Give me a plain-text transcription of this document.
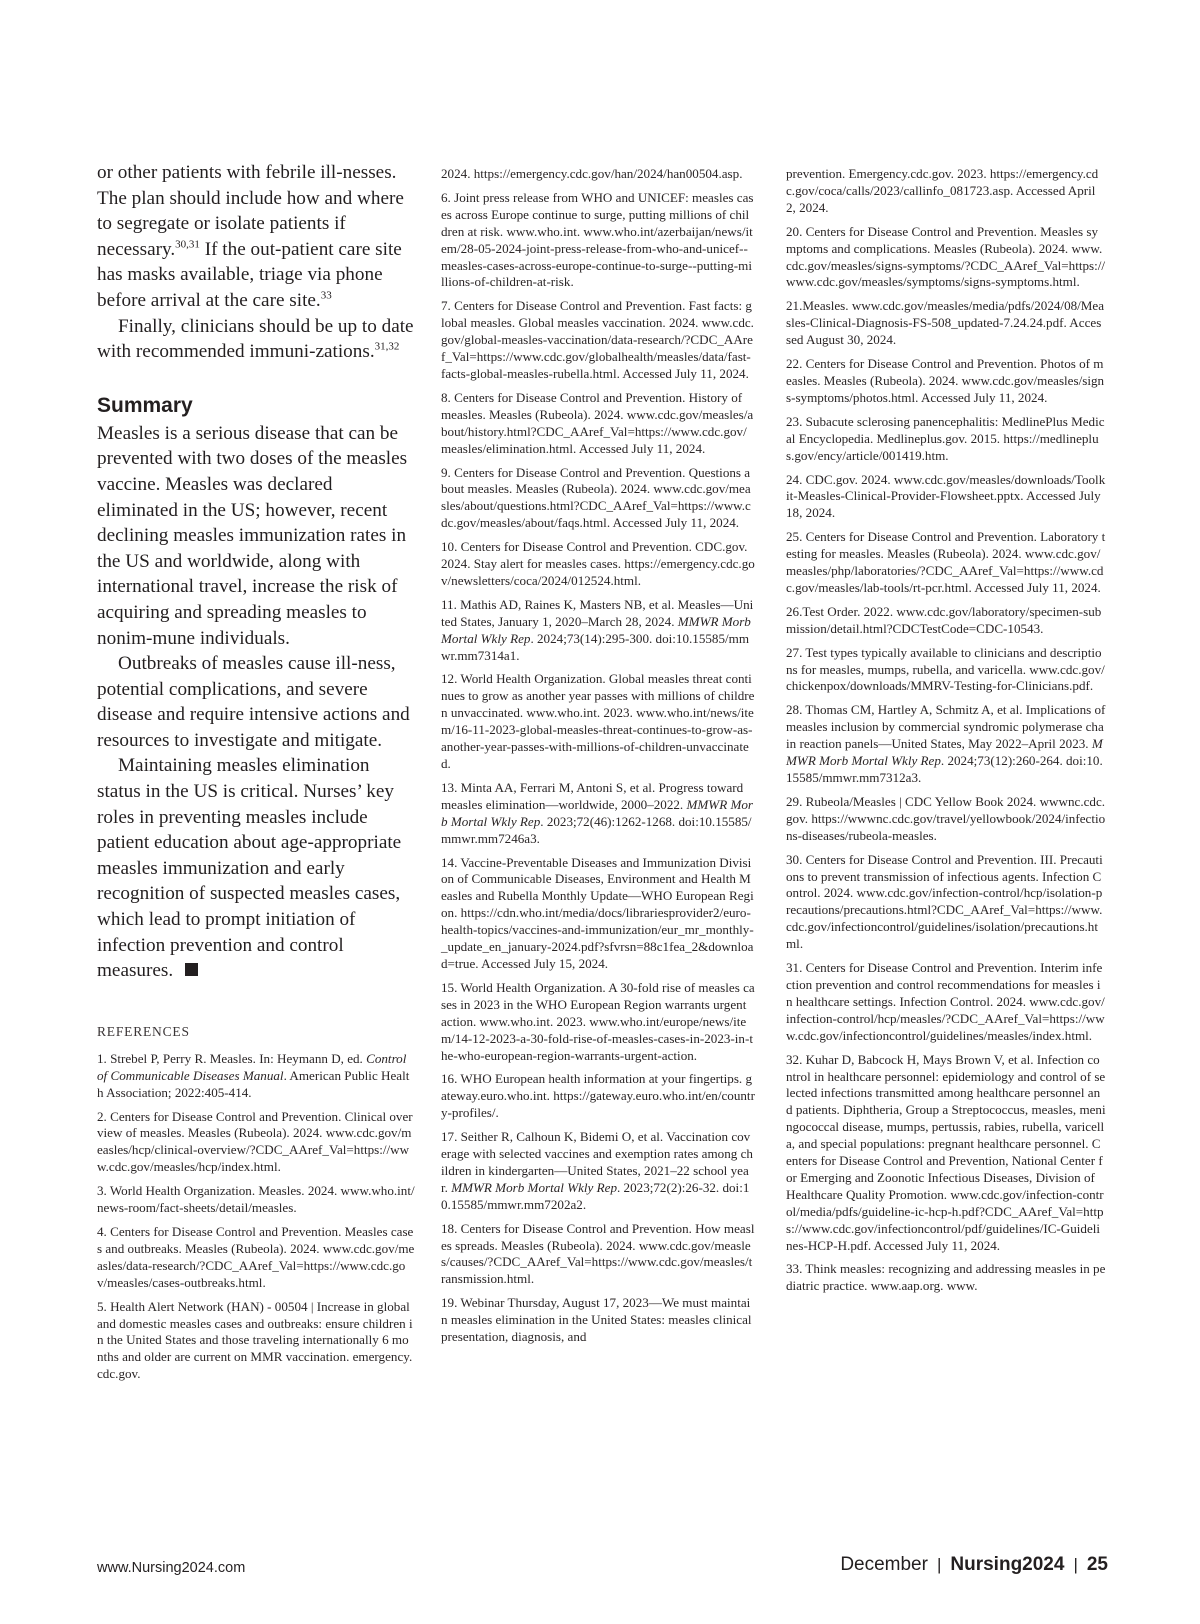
or other patients with febrile ill-nesses. The plan should include how and where to segregate or isolate patients if necessary.$^{30,31}$ If the out-patient care site has masks available, triage via phone before arrival at the care site.$^{33}$

Finally, clinicians should be up to date with recommended immuni-zations.$^{31,32}$

Summary

Measles is a serious disease that can be prevented with two doses of the measles vaccine. Measles was declared eliminated in the US; however, recent declining measles immunization rates in the US and worldwide, along with international travel, increase the risk of acquiring and spreading measles to nonim-mune individuals.

Outbreaks of measles cause ill-ness, potential complications, and severe disease and require intensive actions and resources to investigate and mitigate.

Maintaining measles elimination status in the US is critical. Nurses’ key roles in preventing measles include patient education about age-appropriate measles immunization and early recognition of suspected measles cases, which lead to prompt initiation of infection prevention and control measures.

REFERENCES

1. Strebel P, Perry R. Measles. In: Heymann D, ed. Control of Communicable Diseases Manual. American Public Health Association; 2022:405-414.

2. Centers for Disease Control and Prevention. Clinical overview of measles. Measles (Rubeola). 2024. www.cdc.gov/measles/hcp/clinical-overview/?CDC_AAref_Val=https://www.cdc.gov/measles/hcp/index.html.

3. World Health Organization. Measles. 2024. www.who.int/news-room/fact-sheets/detail/measles.

4. Centers for Disease Control and Prevention. Measles cases and outbreaks. Measles (Rubeola). 2024. www.cdc.gov/measles/data-research/?CDC_AAref_Val=https://www.cdc.gov/measles/cases-outbreaks.html.

5. Health Alert Network (HAN) - 00504 | Increase in global and domestic measles cases and outbreaks: ensure children in the United States and those traveling internationally 6 months and older are current on MMR vaccination. emergency.cdc.gov.

2024. https://emergency.cdc.gov/han/2024/han00504.asp.

6. Joint press release from WHO and UNICEF: measles cases across Europe continue to surge, putting millions of children at risk. www.who.int. www.who.int/azerbaijan/news/item/28-05-2024-joint-press-release-from-who-and-unicef--measles-cases-across-europe-continue-to-surge--putting-millions-of-children-at-risk.

7. Centers for Disease Control and Prevention. Fast facts: global measles. Global measles vaccination. 2024. www.cdc.gov/global-measles-vaccination/data-research/?CDC_AAref_Val=https://www.cdc.gov/globalhealth/measles/data/fast-facts-global-measles-rubella.html. Accessed July 11, 2024.

8. Centers for Disease Control and Prevention. History of measles. Measles (Rubeola). 2024. www.cdc.gov/measles/about/history.html?CDC_AAref_Val=https://www.cdc.gov/measles/elimination.html. Accessed July 11, 2024.

9. Centers for Disease Control and Prevention. Questions about measles. Measles (Rubeola). 2024. www.cdc.gov/measles/about/questions.html?CDC_AAref_Val=https://www.cdc.gov/measles/about/faqs.html. Accessed July 11, 2024.

10. Centers for Disease Control and Prevention. CDC.gov. 2024. Stay alert for measles cases. https://emergency.cdc.gov/newsletters/coca/2024/012524.html.

11. Mathis AD, Raines K, Masters NB, et al. Measles—United States, January 1, 2020–March 28, 2024. MMWR Morb Mortal Wkly Rep. 2024;73(14):295-300. doi:10.15585/mmwr.mm7314a1.

12. World Health Organization. Global measles threat continues to grow as another year passes with millions of children unvaccinated. www.who.int. 2023. www.who.int/news/item/16-11-2023-global-measles-threat-continues-to-grow-as-another-year-passes-with-millions-of-children-unvaccinated.

13. Minta AA, Ferrari M, Antoni S, et al. Progress toward measles elimination—worldwide, 2000–2022. MMWR Morb Mortal Wkly Rep. 2023;72(46):1262-1268. doi:10.15585/mmwr.mm7246a3.

14. Vaccine-Preventable Diseases and Immunization Division of Communicable Diseases, Environment and Health Measles and Rubella Monthly Update—WHO European Region. https://cdn.who.int/media/docs/librariesprovider2/euro-health-topics/vaccines-and-immunization/eur_mr_monthly-_update_en_january-2024.pdf?sfvrsn=88c1fea_2&download=true. Accessed July 15, 2024.

15. World Health Organization. A 30-fold rise of measles cases in 2023 in the WHO European Region warrants urgent action. www.who.int. 2023. www.who.int/europe/news/item/14-12-2023-a-30-fold-rise-of-measles-cases-in-2023-in-the-who-european-region-warrants-urgent-action.

16. WHO European health information at your fingertips. gateway.euro.who.int. https://gateway.euro.who.int/en/country-profiles/.

17. Seither R, Calhoun K, Bidemi O, et al. Vaccination coverage with selected vaccines and exemption rates among children in kindergarten—United States, 2021–22 school year. MMWR Morb Mortal Wkly Rep. 2023;72(2):26-32. doi:10.15585/mmwr.mm7202a2.

18. Centers for Disease Control and Prevention. How measles spreads. Measles (Rubeola). 2024. www.cdc.gov/measles/causes/?CDC_AAref_Val=https://www.cdc.gov/measles/transmission.html.

19. Webinar Thursday, August 17, 2023—We must maintain measles elimination in the United States: measles clinical presentation, diagnosis, and

prevention. Emergency.cdc.gov. 2023. https://emergency.cdc.gov/coca/calls/2023/callinfo_081723.asp. Accessed April 2, 2024.

20. Centers for Disease Control and Prevention. Measles symptoms and complications. Measles (Rubeola). 2024. www.cdc.gov/measles/signs-symptoms/?CDC_AAref_Val=https://www.cdc.gov/measles/symptoms/signs-symptoms.html.

21.Measles. www.cdc.gov/measles/media/pdfs/2024/08/Measles-Clinical-Diagnosis-FS-508_updated-7.24.24.pdf. Accessed August 30, 2024.

22. Centers for Disease Control and Prevention. Photos of measles. Measles (Rubeola). 2024. www.cdc.gov/measles/signs-symptoms/photos.html. Accessed July 11, 2024.

23. Subacute sclerosing panencephalitis: MedlinePlus Medical Encyclopedia. Medlineplus.gov. 2015. https://medlineplus.gov/ency/article/001419.htm.

24. CDC.gov. 2024. www.cdc.gov/measles/downloads/Toolkit-Measles-Clinical-Provider-Flowsheet.pptx. Accessed July 18, 2024.

25. Centers for Disease Control and Prevention. Laboratory testing for measles. Measles (Rubeola). 2024. www.cdc.gov/measles/php/laboratories/?CDC_AAref_Val=https://www.cdc.gov/measles/lab-tools/rt-pcr.html. Accessed July 11, 2024.

26.Test Order. 2022. www.cdc.gov/laboratory/specimen-submission/detail.html?CDCTestCode=CDC-10543.

27. Test types typically available to clinicians and descriptions for measles, mumps, rubella, and varicella. www.cdc.gov/chickenpox/downloads/MMRV-Testing-for-Clinicians.pdf.

28. Thomas CM, Hartley A, Schmitz A, et al. Implications of measles inclusion by commercial syndromic polymerase chain reaction panels—United States, May 2022–April 2023. MMWR Morb Mortal Wkly Rep. 2024;73(12):260-264. doi:10.15585/mmwr.mm7312a3.

29. Rubeola/Measles | CDC Yellow Book 2024. wwwnc.cdc.gov. https://wwwnc.cdc.gov/travel/yellowbook/2024/infections-diseases/rubeola-measles.

30. Centers for Disease Control and Prevention. III. Precautions to prevent transmission of infectious agents. Infection Control. 2024. www.cdc.gov/infection-control/hcp/isolation-precautions/precautions.html?CDC_AAref_Val=https://www.cdc.gov/infectioncontrol/guidelines/isolation/precautions.html.

31. Centers for Disease Control and Prevention. Interim infection prevention and control recommendations for measles in healthcare settings. Infection Control. 2024. www.cdc.gov/infection-control/hcp/measles/?CDC_AAref_Val=https://www.cdc.gov/infectioncontrol/guidelines/measles/index.html.

32. Kuhar D, Babcock H, Mays Brown V, et al. Infection control in healthcare personnel: epidemiology and control of selected infections transmitted among healthcare personnel and patients. Diphtheria, Group a Streptococcus, measles, meningococcal disease, mumps, pertussis, rabies, rubella, varicella, and special populations: pregnant healthcare personnel. Centers for Disease Control and Prevention, National Center for Emerging and Zoonotic Infectious Diseases, Division of Healthcare Quality Promotion. www.cdc.gov/infection-control/media/pdfs/guideline-ic-hcp-h.pdf?CDC_AAref_Val=https://www.cdc.gov/infectioncontrol/pdf/guidelines/IC-Guidelines-HCP-H.pdf. Accessed July 11, 2024.

33. Think measles: recognizing and addressing measles in pediatric practice. www.aap.org. www.

www.Nursing2024.com	December | Nursing2024 | 25
